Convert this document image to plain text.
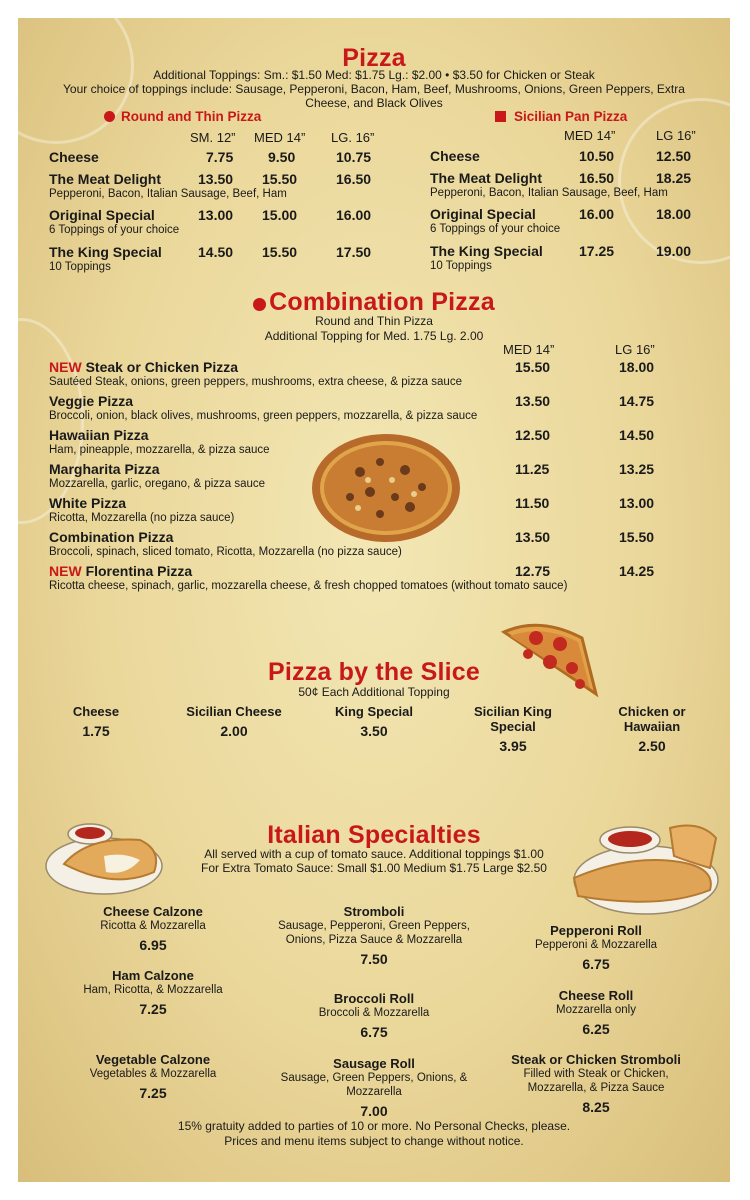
Pizza
Additional Toppings: Sm.: $1.50 Med: $1.75 Lg.: $2.00 • $3.50 for Chicken or Steak
Your choice of toppings include: Sausage, Pepperoni, Bacon, Ham, Beef, Mushrooms, Onions, Green Peppers, Extra
Cheese, and Black Olives
Round and Thin Pizza
SM. 12” MED 14” LG. 16”
Cheese	7.75 9.50	10.75
The Meat Delight
Pepperoni, Bacon, Italian Sausage, Beef, Ham
13.50 15.50	16.50
Original Special
6 Toppings of your choice
13.00 15.00	16.00
The King Special
10 Toppings
14.50 15.50	17.50
Sicilian Pan Pizza
MED 14”	LG 16”
Cheese	10.50	12.50
The Meat Delight
Pepperoni, Bacon, Italian Sausage, Beef, Ham
16.50	18.25
Original Special
6 Toppings of your choice
16.00	18.00
The King Special
10 Toppings
17.25	19.00
Combination Pizza
Round and Thin Pizza
Additional Topping for Med. 1.75 Lg. 2.00
MED 14”	LG 16”
NEW Steak or Chicken Pizza
Sautéed Steak, onions, green peppers, mushrooms, extra cheese, & pizza sauce
15.50	18.00
Veggie Pizza
Broccoli, onion, black olives, mushrooms, green peppers, mozzarella, & pizza sauce
13.50	14.75
Hawaiian Pizza
Ham, pineapple, mozzarella, & pizza sauce
12.50	14.50
Margharita Pizza
Mozzarella, garlic, oregano, & pizza sauce
11.25	13.25
White Pizza
Ricotta, Mozzarella (no pizza sauce)
11.50	13.00
Combination Pizza
Broccoli, spinach, sliced tomato, Ricotta, Mozzarella (no pizza sauce)
13.50	15.50
NEW Florentina Pizza
Ricotta cheese, spinach, garlic, mozzarella cheese, & fresh chopped tomatoes (without tomato sauce)
12.75	14.25
Pizza by the Slice
50¢ Each Additional Topping
Cheese
1.75
Sicilian Cheese
2.00
King Special
3.50
Sicilian King Special
3.95
Chicken or Hawaiian
2.50
Italian Specialties
All served with a cup of tomato sauce. Additional toppings $1.00
For Extra Tomato Sauce: Small $1.00 Medium $1.75 Large $2.50
Cheese Calzone
Ricotta & Mozzarella
6.95
Ham Calzone
Ham, Ricotta, & Mozzarella
7.25
Vegetable Calzone
Vegetables & Mozzarella
7.25
Stromboli
Sausage, Pepperoni, Green Peppers, Onions, Pizza Sauce & Mozzarella
7.50
Broccoli Roll
Broccoli & Mozzarella
6.75
Sausage Roll
Sausage, Green Peppers, Onions, & Mozzarella
7.00
Pepperoni Roll
Pepperoni & Mozzarella
6.75
Cheese Roll
Mozzarella only
6.25
Steak or Chicken Stromboli
Filled with Steak or Chicken, Mozzarella, & Pizza Sauce
8.25
15% gratuity added to parties of 10 or more. No Personal Checks, please.
Prices and menu items subject to change without notice.
